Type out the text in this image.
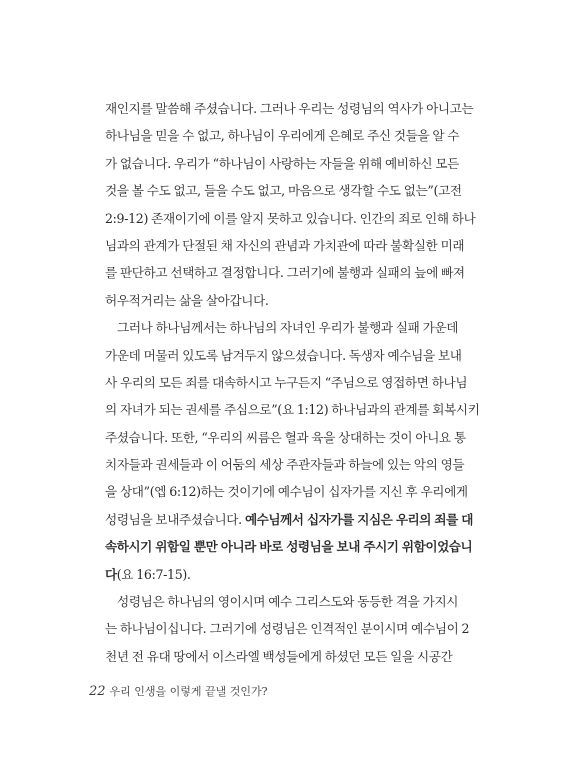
재인지를 말씀해 주셨습니다. 그러나 우리는 성령님의 역사가 아니고는
하나님을 믿을 수 없고, 하나님이 우리에게 은혜로 주신 것들을 알 수
가 없습니다. 우리가 “하나님이 사랑하는 자들을 위해 예비하신 모든
것을 볼 수도 없고, 들을 수도 없고, 마음으로 생각할 수도 없는”(고전
2:9-12) 존재이기에 이를 알지 못하고 있습니다. 인간의 죄로 인해 하나
님과의 관계가 단절된 채 자신의 관념과 가치관에 따라 불확실한 미래
를 판단하고 선택하고 결정합니다. 그러기에 불행과 실패의 늪에 빠져
허우적거리는 삶을 살아갑니다.
그러나 하나님께서는 하나님의 자녀인 우리가 불행과 실패 가운데
가운데 머물러 있도록 남겨두지 않으셨습니다. 독생자 예수님을 보내
사 우리의 모든 죄를 대속하시고 누구든지 “주님으로 영접하면 하나님
의 자녀가 되는 권세를 주심으로”(요 1:12) 하나님과의 관계를 회복시키
주셨습니다. 또한, “우리의 씨름은 혈과 육을 상대하는 것이 아니요 통
치자들과 권세들과 이 어둠의 세상 주관자들과 하늘에 있는 악의 영들
을 상대”(엡 6:12)하는 것이기에 예수님이 십자가를 지신 후 우리에게
성령님을 보내주셨습니다. 예수님께서 십자가를 지심은 우리의 죄를 대
속하시기 위함일 뿐만 아니라 바로 성령님을 보내 주시기 위함이었습니
다(요 16:7-15).
성령님은 하나님의 영이시며 예수 그리스도와 동등한 격을 가지시
는 하나님이십니다. 그러기에 성령님은 인격적인 분이시며 예수님이 2
천년 전 유대 땅에서 이스라엘 백성들에게 하셨던 모든 일을 시공간
22 우리 인생을 이렇게 끝낼 것인가?
